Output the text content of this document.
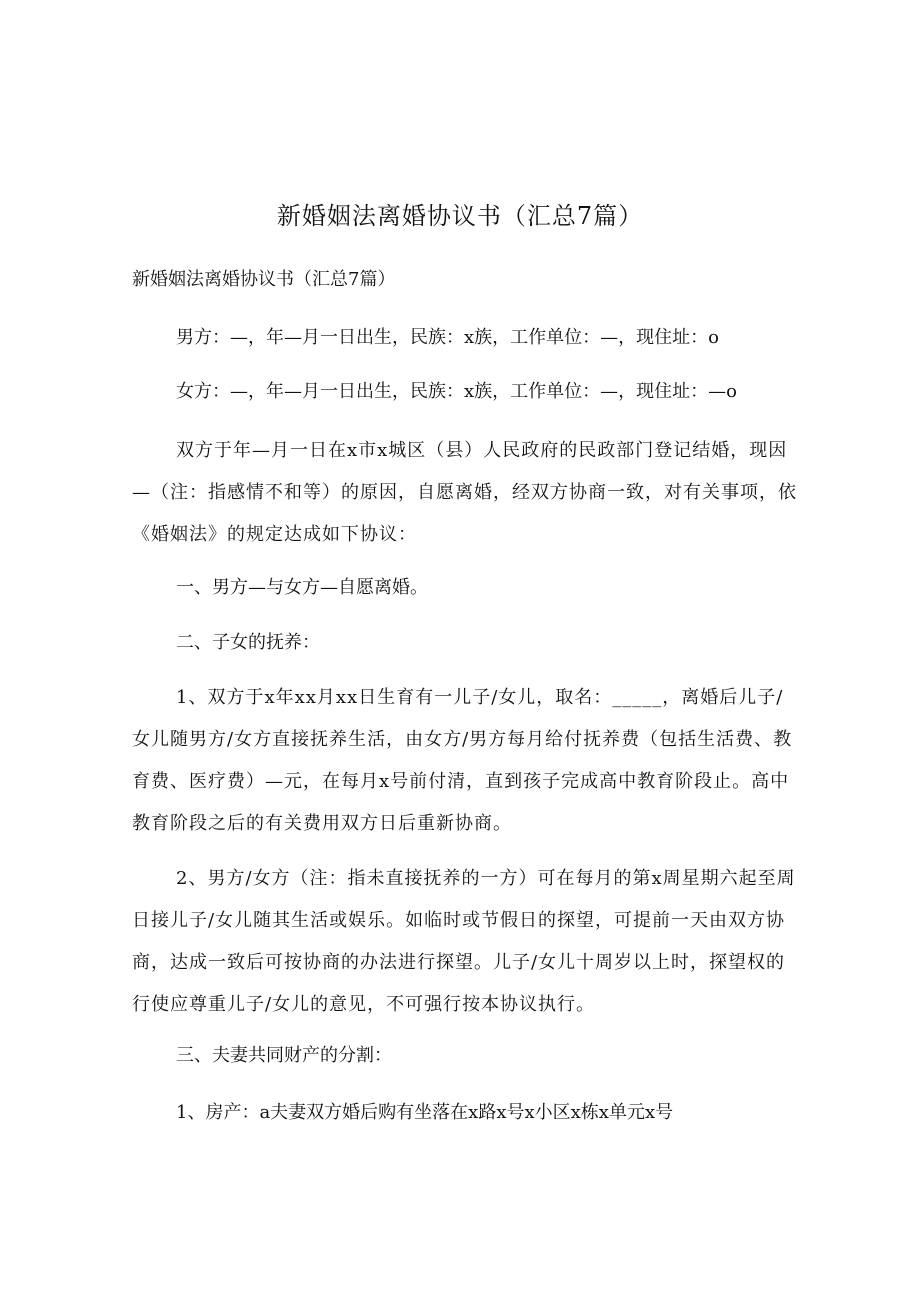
新婚姻法离婚协议书（汇总7篇）

新婚姻法离婚协议书（汇总7篇）

男方：—，年—月一日出生，民族：x族，工作单位：—，现住址：o

女方：—，年—月一日出生，民族：x族，工作单位：—，现住址：—o

双方于年—月一日在x市x城区（县）人民政府的民政部门登记结婚，现因—（注：指感情不和等）的原因，自愿离婚，经双方协商一致，对有关事项，依《婚姻法》的规定达成如下协议：

一、男方—与女方—自愿离婚。

二、子女的抚养：

1、双方于x年xx月xx日生育有一儿子/女儿，取名：_____，离婚后儿子/女儿随男方/女方直接抚养生活，由女方/男方每月给付抚养费（包括生活费、教育费、医疗费）—元，在每月x号前付清，直到孩子完成高中教育阶段止。高中教育阶段之后的有关费用双方日后重新协商。

2、男方/女方（注：指未直接抚养的一方）可在每月的第x周星期六起至周日接儿子/女儿随其生活或娱乐。如临时或节假日的探望，可提前一天由双方协商，达成一致后可按协商的办法进行探望。儿子/女儿十周岁以上时，探望权的行使应尊重儿子/女儿的意见，不可强行按本协议执行。

三、夫妻共同财产的分割：

1、房产：a夫妻双方婚后购有坐落在x路x号x小区x栋x单元x号
